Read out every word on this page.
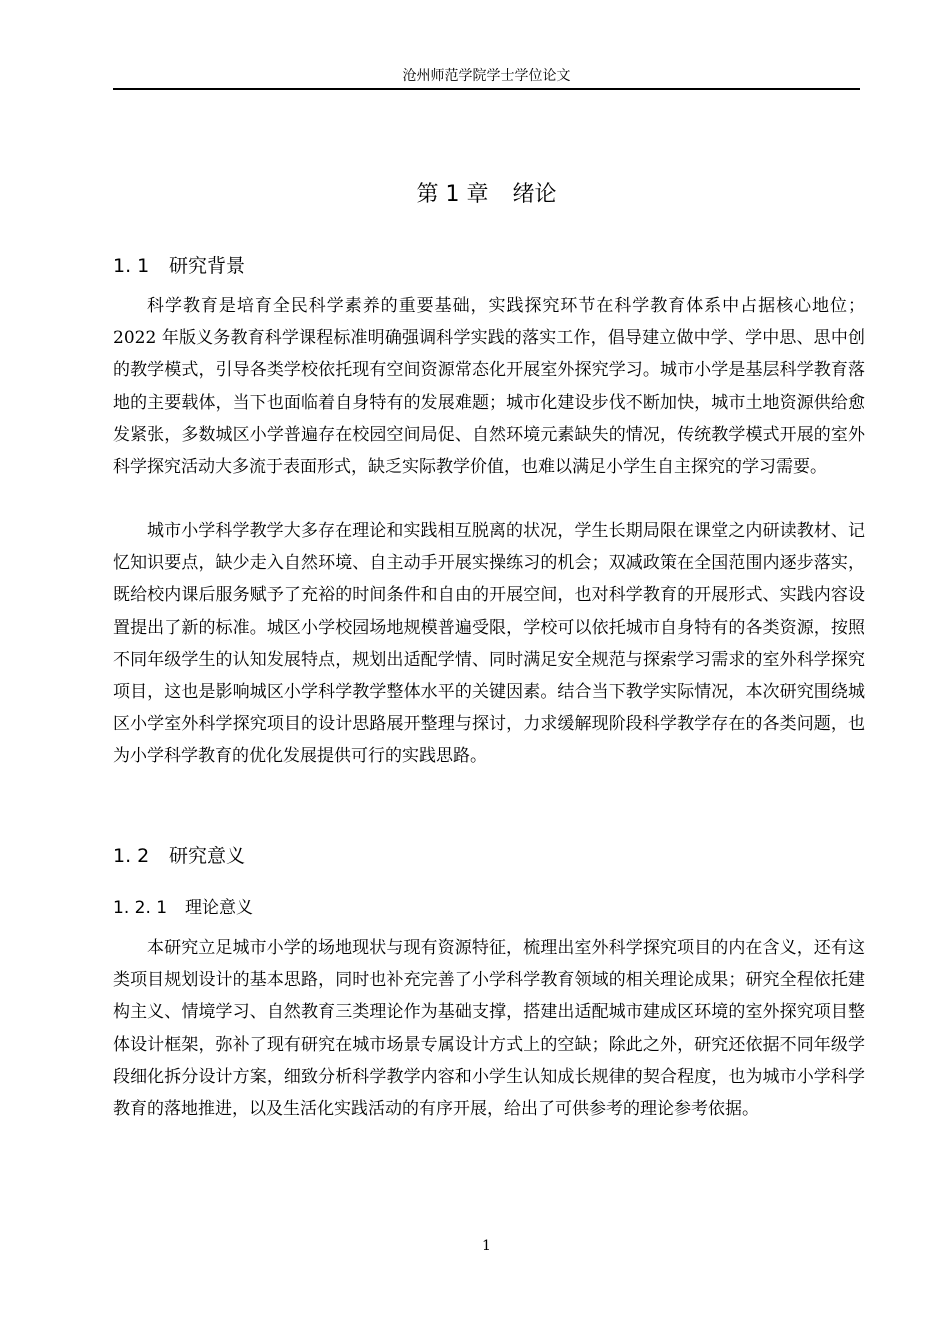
沧州师范学院学士学位论文
第 1 章 绪论
1. 1 研究背景

科学教育是培育全民科学素养的重要基础，实践探究环节在科学教育体系中占据核心地位；2022 年版义务教育科学课程标准明确强调科学实践的落实工作，倡导建立做中学、学中思、思中创的教学模式，引导各类学校依托现有空间资源常态化开展室外探究学习。城市小学是基层科学教育落地的主要载体，当下也面临着自身特有的发展难题；城市化建设步伐不断加快，城市土地资源供给愈发紧张，多数城区小学普遍存在校园空间局促、自然环境元素缺失的情况，传统教学模式开展的室外科学探究活动大多流于表面形式，缺乏实际教学价值，也难以满足小学生自主探究的学习需要。

城市小学科学教学大多存在理论和实践相互脱离的状况，学生长期局限在课堂之内研读教材、记忆知识要点，缺少走入自然环境、自主动手开展实操练习的机会；双减政策在全国范围内逐步落实，既给校内课后服务赋予了充裕的时间条件和自由的开展空间，也对科学教育的开展形式、实践内容设置提出了新的标准。城区小学校园场地规模普遍受限，学校可以依托城市自身特有的各类资源，按照不同年级学生的认知发展特点，规划出适配学情、同时满足安全规范与探索学习需求的室外科学探究项目，这也是影响城区小学科学教学整体水平的关键因素。结合当下教学实际情况，本次研究围绕城区小学室外科学探究项目的设计思路展开整理与探讨，力求缓解现阶段科学教学存在的各类问题，也为小学科学教育的优化发展提供可行的实践思路。

1. 2 研究意义
1. 2. 1 理论意义

本研究立足城市小学的场地现状与现有资源特征，梳理出室外科学探究项目的内在含义，还有这类项目规划设计的基本思路，同时也补充完善了小学科学教育领域的相关理论成果；研究全程依托建构主义、情境学习、自然教育三类理论作为基础支撑，搭建出适配城市建成区环境的室外探究项目整体设计框架，弥补了现有研究在城市场景专属设计方式上的空缺；除此之外，研究还依据不同年级学段细化拆分设计方案，细致分析科学教学内容和小学生认知成长规律的契合程度，也为城市小学科学教育的落地推进，以及生活化实践活动的有序开展，给出了可供参考的理论参考依据。

1
